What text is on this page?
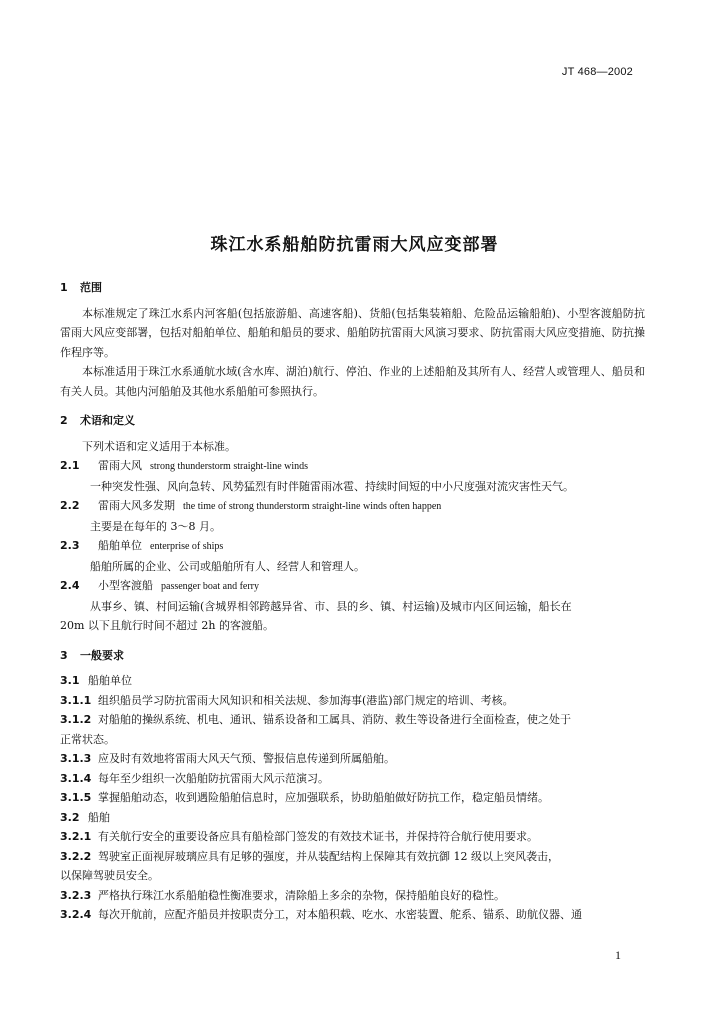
JT 468—2002
珠江水系船舶防抗雷雨大风应变部署

1 范围

本标准规定了珠江水系内河客船(包括旅游船、高速客船)、货船(包括集装箱船、危险品运输船舶)、小型客渡船防抗雷雨大风应变部署，包括对船舶单位、船舶和船员的要求、船舶防抗雷雨大风演习要求、防抗雷雨大风应变措施、防抗操作程序等。

本标准适用于珠江水系通航水域(含水库、湖泊)航行、停泊、作业的上述船舶及其所有人、经营人或管理人、船员和有关人员。其他内河船舶及其他水系船舶可参照执行。

2 术语和定义

下列术语和定义适用于本标准。

2.1 雷雨大风 strong thunderstorm straight-line winds

一种突发性强、风向急转、风势猛烈有时伴随雷雨冰雹、持续时间短的中小尺度强对流灾害性天气。

2.2 雷雨大风多发期 the time of strong thunderstorm straight-line winds often happen

主要是在每年的 3～8 月。

2.3 船舶单位 enterprise of ships

船舶所属的企业、公司或船舶所有人、经营人和管理人。

2.4 小型客渡船 passenger boat and ferry

从事乡、镇、村间运输(含城界相邻跨越异省、市、县的乡、镇、村运输)及城市内区间运输，船长在

20m 以下且航行时间不超过 2h 的客渡船。

3 一般要求

3.1 船舶单位

3.1.1 组织船员学习防抗雷雨大风知识和相关法规、参加海事(港监)部门规定的培训、考核。

3.1.2 对船舶的操纵系统、机电、通讯、锚系设备和工属具、消防、救生等设备进行全面检查，使之处于

正常状态。

3.1.3 应及时有效地将雷雨大风天气预、警报信息传递到所属船舶。

3.1.4 每年至少组织一次船舶防抗雷雨大风示范演习。

3.1.5 掌握船舶动态，收到遇险船舶信息时，应加强联系，协助船舶做好防抗工作，稳定船员情绪。

3.2 船舶

3.2.1 有关航行安全的重要设备应具有船检部门签发的有效技术证书，并保持符合航行使用要求。

3.2.2 驾驶室正面视屏玻璃应具有足够的强度，并从装配结构上保障其有效抗御 12 级以上突风袭击，

以保障驾驶员安全。

3.2.3 严格执行珠江水系船舶稳性衡准要求，清除船上多余的杂物，保持船舶良好的稳性。

3.2.4 每次开航前，应配齐船员并按职责分工，对本船积载、吃水、水密装置、舵系、锚系、助航仪器、通

1
